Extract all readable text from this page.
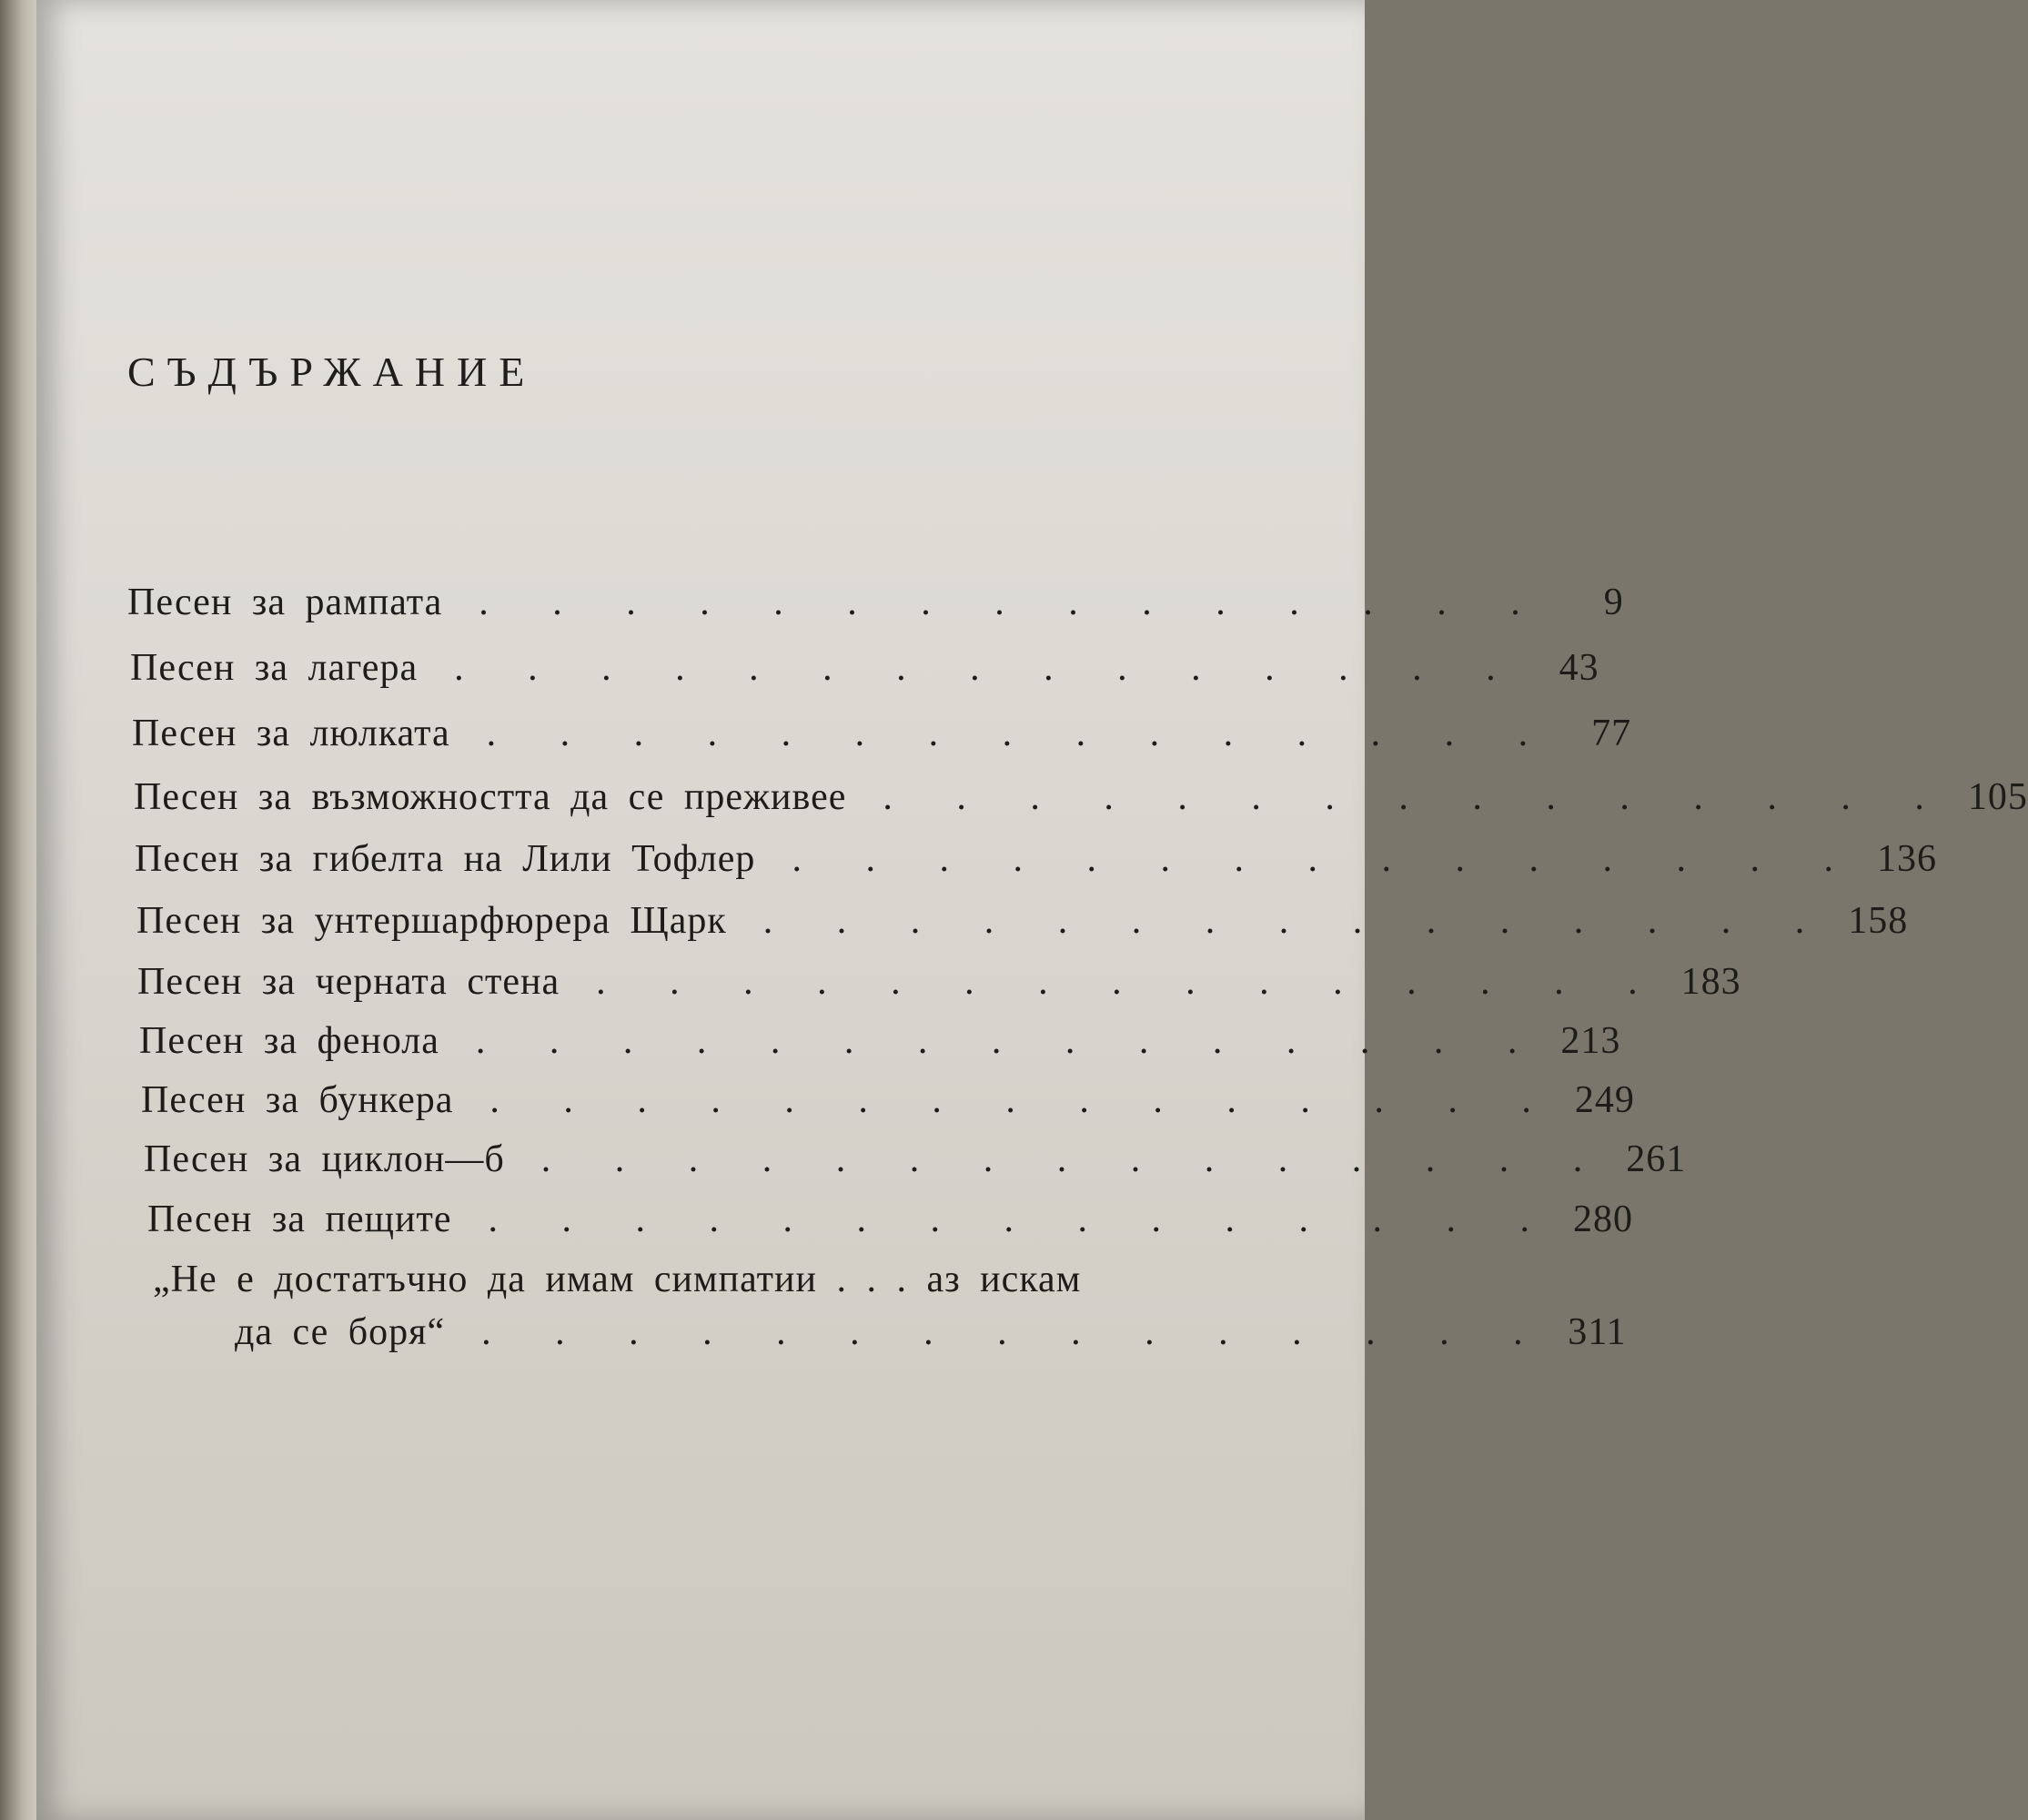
СЪДЪРЖАНИЕ
Песен за рампата . . . . . . . . . . . . . . .	9
Песен за лагера . . . . . . . . . . . . . . . 43
Песен за люлката . . . . . . . . . . . . . . . 77
Песен за възможността да се преживее . . . . . . . . . . . . . . . 105
Песен за гибелта на Лили Тофлер . . . . . . . . . . . . . . . 136
Песен за унтершарфюрера Щарк . . . . . . . . . . . . . . . 158
Песен за черната стена . . . . . . . . . . . . . . . 183
Песен за фенола . . . . . . . . . . . . . . . 213
Песен за бункера . . . . . . . . . . . . . . . 249
Песен за циклон—б . . . . . . . . . . . . . . . 261
Песен за пещите . . . . . . . . . . . . . . . 280
„Не е достатъчно да имам симпатии . . . аз искам
да се боря“ . . . . . . . . . . . . . . . 311
